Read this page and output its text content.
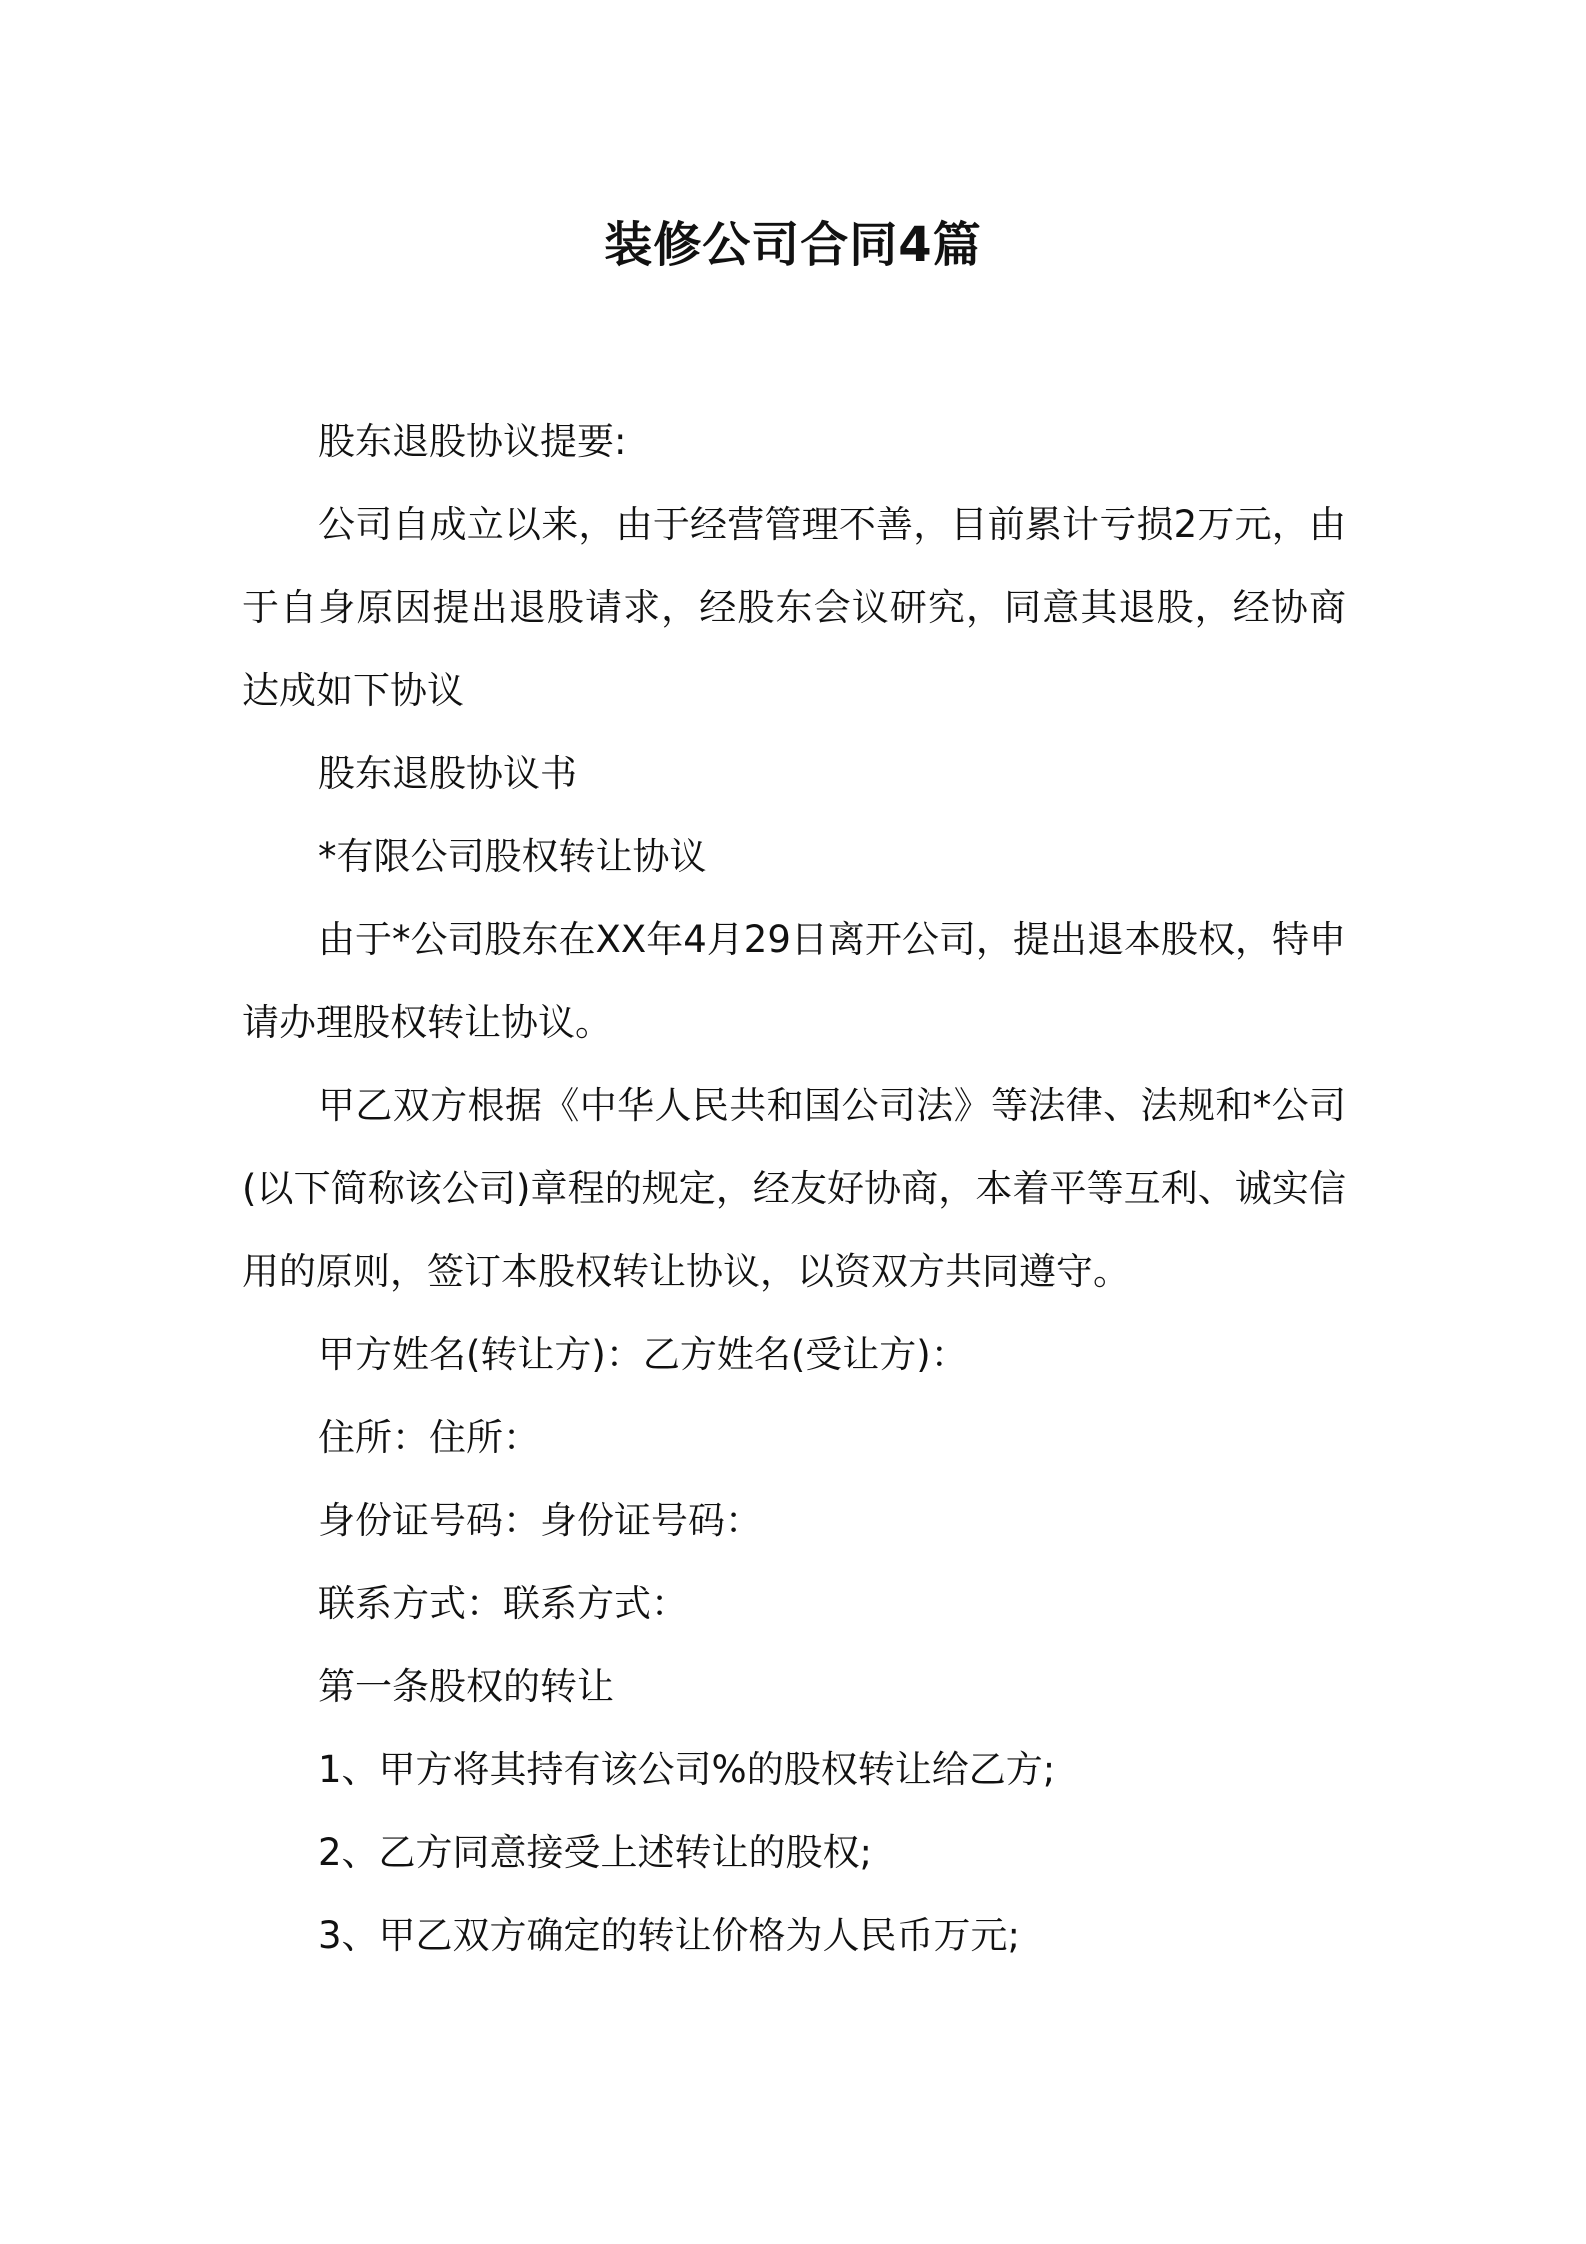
装修公司合同4篇

股东退股协议提要:

公司自成立以来，由于经营管理不善，目前累计亏损2万元，由于自身原因提出退股请求，经股东会议研究，同意其退股，经协商达成如下协议

股东退股协议书

*有限公司股权转让协议

由于*公司股东在XX年4月29日离开公司，提出退本股权，特申请办理股权转让协议。

甲乙双方根据《中华人民共和国公司法》等法律、法规和*公司(以下简称该公司)章程的规定，经友好协商，本着平等互利、诚实信用的原则，签订本股权转让协议，以资双方共同遵守。

甲方姓名(转让方)：乙方姓名(受让方)：

住所：住所：

身份证号码：身份证号码：

联系方式：联系方式：

第一条股权的转让

1、甲方将其持有该公司%的股权转让给乙方;

2、乙方同意接受上述转让的股权;

3、甲乙双方确定的转让价格为人民币万元;
